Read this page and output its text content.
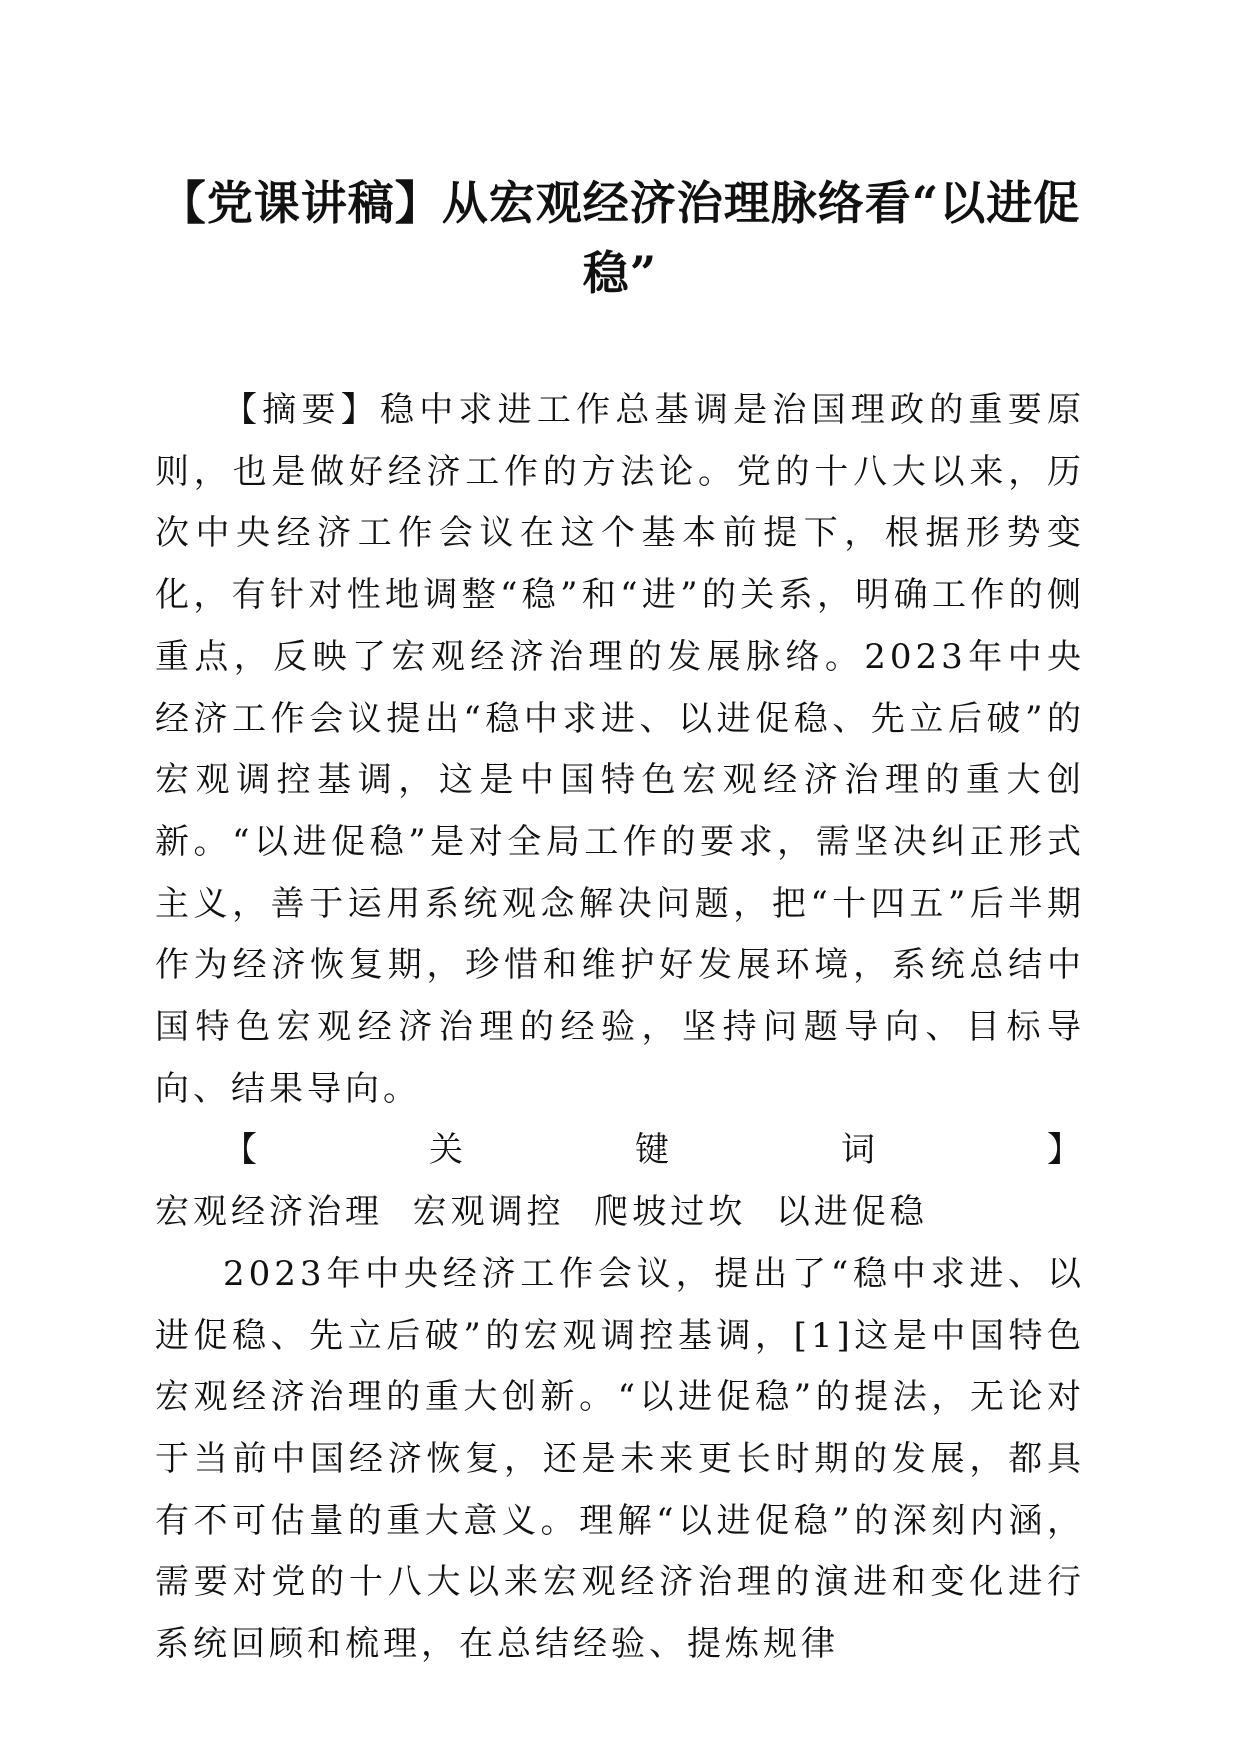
【党课讲稿】从宏观经济治理脉络看“以进促稳”

【摘要】稳中求进工作总基调是治国理政的重要原则，也是做好经济工作的方法论。党的十八大以来，历次中央经济工作会议在这个基本前提下，根据形势变化，有针对性地调整“稳”和“进”的关系，明确工作的侧重点，反映了宏观经济治理的发展脉络。2023年中央经济工作会议提出“稳中求进、以进促稳、先立后破”的宏观调控基调，这是中国特色宏观经济治理的重大创新。“以进促稳”是对全局工作的要求，需坚决纠正形式主义，善于运用系统观念解决问题，把“十四五”后半期作为经济恢复期，珍惜和维护好发展环境，系统总结中国特色宏观经济治理的经验，坚持问题导向、目标导向、结果导向。

【关键词】宏观经济治理  宏观调控  爬坡过坎  以进促稳

2023年中央经济工作会议，提出了“稳中求进、以进促稳、先立后破”的宏观调控基调，[1]这是中国特色宏观经济治理的重大创新。“以进促稳”的提法，无论对于当前中国经济恢复，还是未来更长时期的发展，都具有不可估量的重大意义。理解“以进促稳”的深刻内涵，需要对党的十八大以来宏观经济治理的演进和变化进行系统回顾和梳理，在总结经验、提炼规律
